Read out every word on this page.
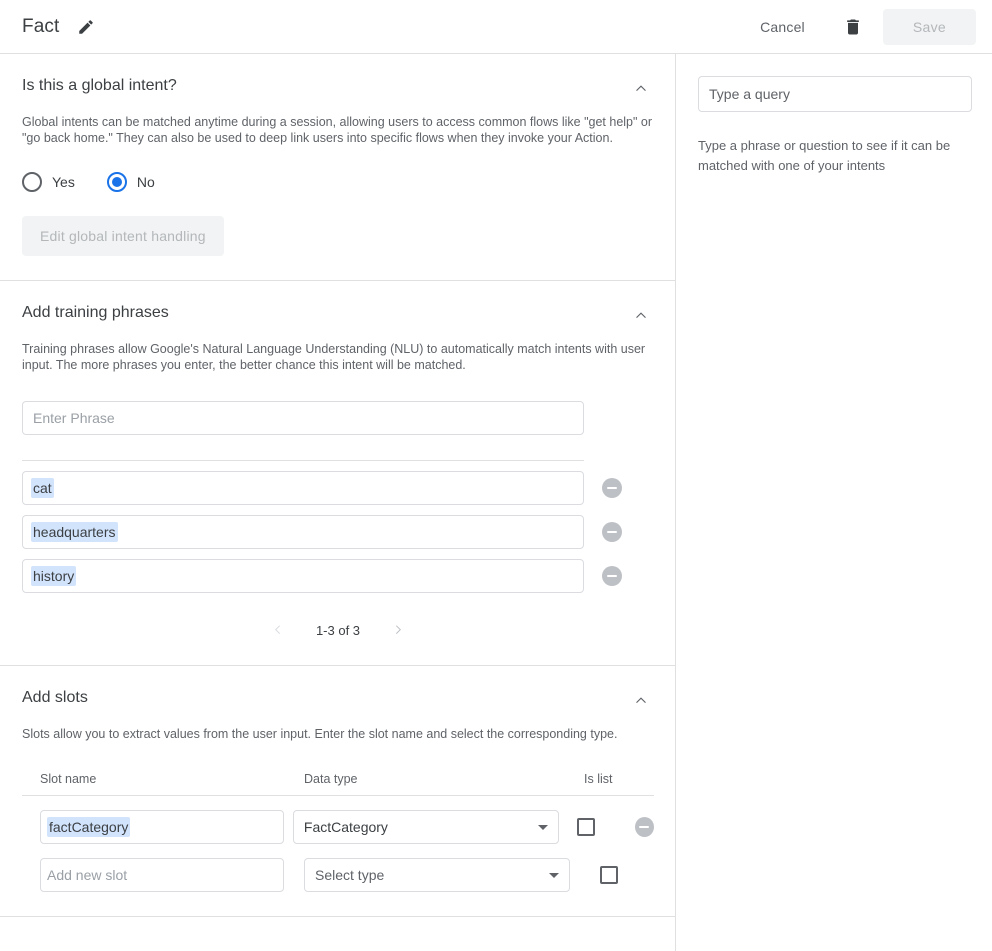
Fact	Cancel	Save
Is this a global intent?
Global intents can be matched anytime during a session, allowing users to access common flows like "get help" or "go back home." They can also be used to deep link users into specific flows when they invoke your Action.
Yes	No
Edit global intent handling
Add training phrases
Training phrases allow Google's Natural Language Understanding (NLU) to automatically match intents with user input. The more phrases you enter, the better chance this intent will be matched.
Enter Phrase
cat
headquarters
history
1-3 of 3
Add slots
Slots allow you to extract values from the user input. Enter the slot name and select the corresponding type.
Slot name	Data type	Is list
factCategory	FactCategory
Add new slot	Select type
Type a query
Type a phrase or question to see if it can be matched with one of your intents
